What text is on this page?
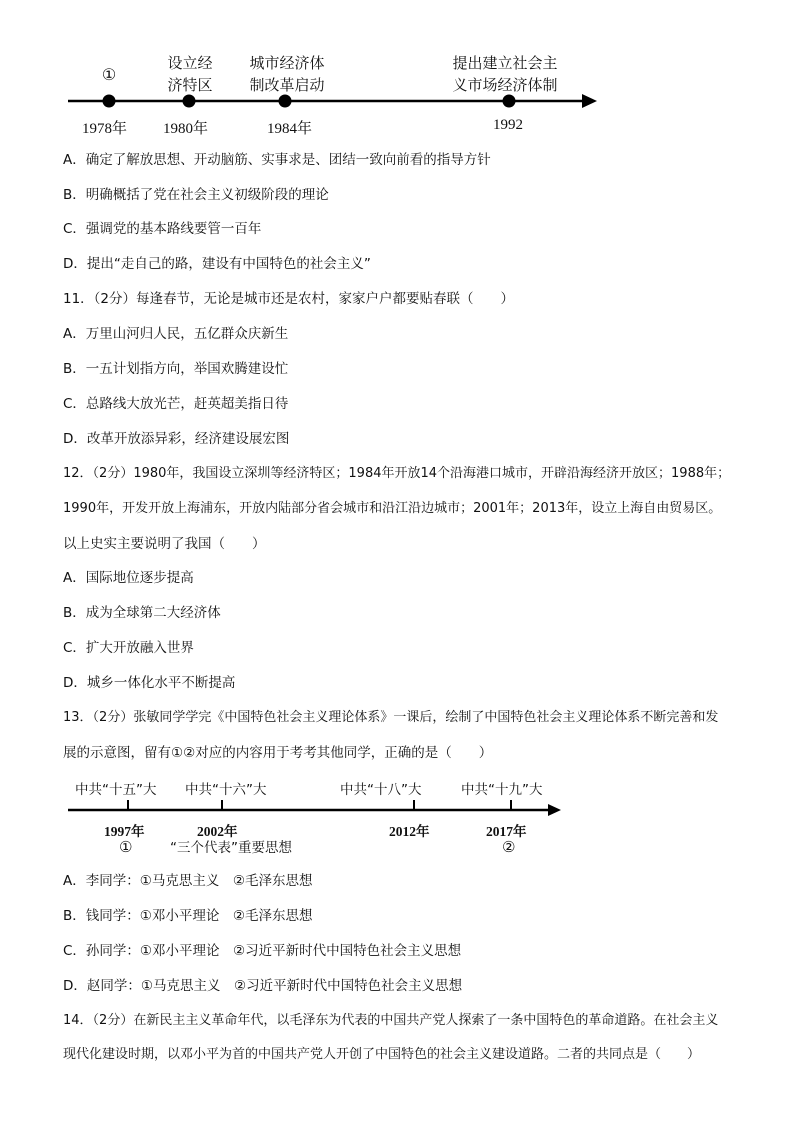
①
设立经
济特区
城市经济体
制改革启动
提出建立社会主
义市场经济体制
1978年 1980年	1984年	1992
A．确定了解放思想、开动脑筋、实事求是、团结一致向前看的指导方针
B．明确概括了党在社会主义初级阶段的理论
C．强调党的基本路线要管一百年
D．提出“走自己的路，建设有中国特色的社会主义”
11．（2分）每逢春节，无论是城市还是农村，家家户户都要贴春联（　　）
A．万里山河归人民，五亿群众庆新生
B．一五计划指方向，举国欢腾建设忙
C．总路线大放光芒，赶英超美指日待
D．改革开放添异彩，经济建设展宏图
12．（2分）1980年，我国设立深圳等经济特区；1984年开放14个沿海港口城市，开辟沿海经济开放区；1988年；
1990年，开发开放上海浦东，开放内陆部分省会城市和沿江沿边城市；2001年；2013年，设立上海自由贸易区。
以上史实主要说明了我国（　　）
A．国际地位逐步提高
B．成为全球第二大经济体
C．扩大开放融入世界
D．城乡一体化水平不断提高
13．（2分）张敏同学学完《中国特色社会主义理论体系》一课后，绘制了中国特色社会主义理论体系不断完善和发
展的示意图，留有①②对应的内容用于考考其他同学，正确的是（　　）
中共“十五”大 中共“十六”大	中共“十八”大	中共“十九”大
1997年	2002年	2012年	2017年
①	“三个代表”重要思想	②
A．李同学：①马克思主义　②毛泽东思想
B．钱同学：①邓小平理论　②毛泽东思想
C．孙同学：①邓小平理论　②习近平新时代中国特色社会主义思想
D．赵同学：①马克思主义　②习近平新时代中国特色社会主义思想
14．（2分）在新民主主义革命年代，以毛泽东为代表的中国共产党人探索了一条中国特色的革命道路。在社会主义
现代化建设时期，以邓小平为首的中国共产党人开创了中国特色的社会主义建设道路。二者的共同点是（　　）
